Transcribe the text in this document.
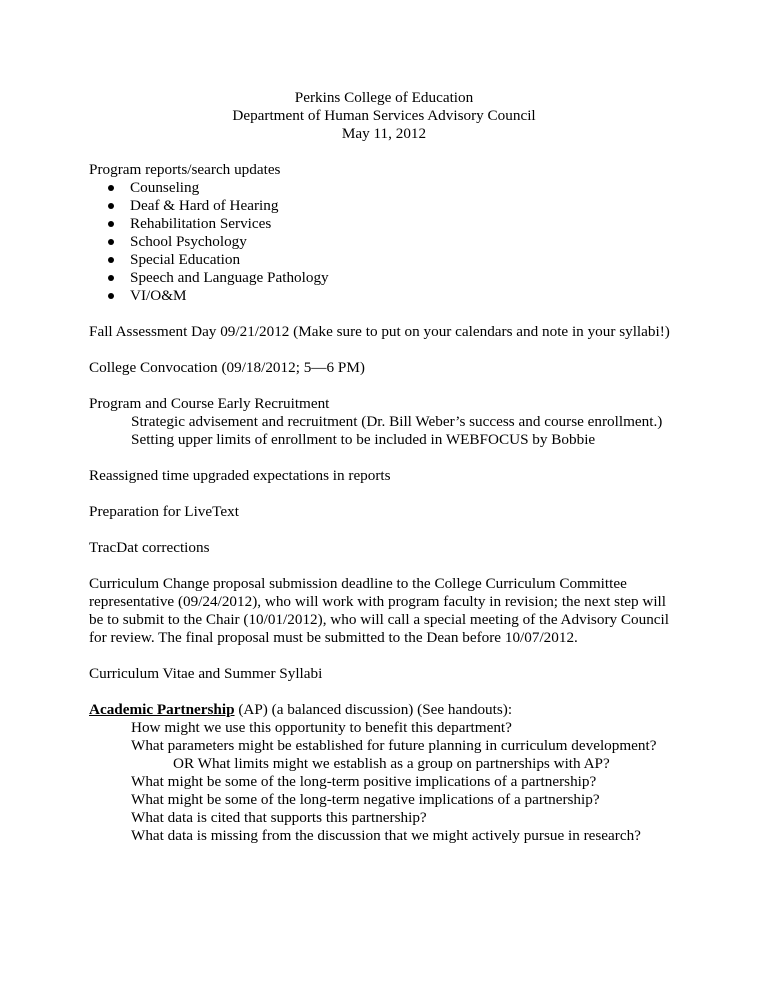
Perkins College of Education
Department of Human Services Advisory Council
May 11, 2012
Program reports/search updates
Counseling
Deaf & Hard of Hearing
Rehabilitation Services
School Psychology
Special Education
Speech and Language Pathology
VI/O&M
Fall Assessment Day 09/21/2012 (Make sure to put on your calendars and note in your syllabi!)
College Convocation (09/18/2012; 5—6 PM)
Program and Course Early Recruitment
Strategic advisement and recruitment (Dr. Bill Weber’s success and course enrollment.)
Setting upper limits of enrollment to be included in WEBFOCUS by Bobbie
Reassigned time upgraded expectations in reports
Preparation for LiveText
TracDat corrections
Curriculum Change proposal submission deadline to the College Curriculum Committee
representative (09/24/2012), who will work with program faculty in revision; the next step will
be to submit to the Chair (10/01/2012), who will call a special meeting of the Advisory Council
for review. The final proposal must be submitted to the Dean before 10/07/2012.
Curriculum Vitae and Summer Syllabi
Academic Partnership (AP) (a balanced discussion) (See handouts):
How might we use this opportunity to benefit this department?
What parameters might be established for future planning in curriculum development?
OR What limits might we establish as a group on partnerships with AP?
What might be some of the long-term positive implications of a partnership?
What might be some of the long-term negative implications of a partnership?
What data is cited that supports this partnership?
What data is missing from the discussion that we might actively pursue in research?
